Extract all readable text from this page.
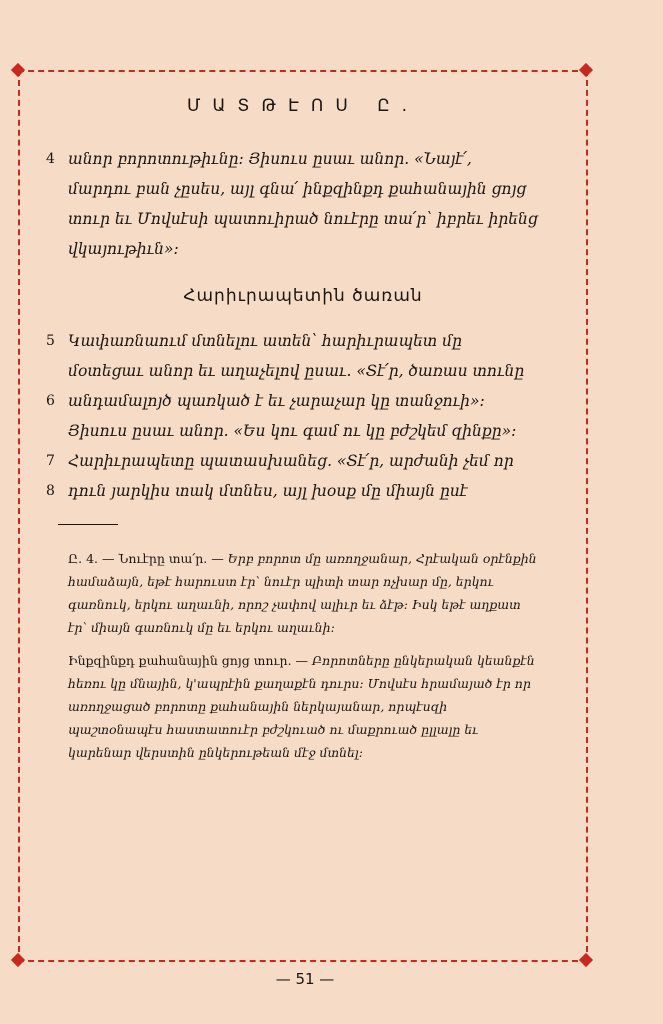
ՄԱՏԹԷՈՍ Ը.

4 անոր բորոտութիւնը: Յիսուս ըսաւ անոր. «Նայէ՛, մարդու բան չըսես, այլ գնա՛ ինքզինքդ քահանային ցոյց տուր եւ Մովսէսի պատուիրած նուէրը տա՛ր՝ իբրեւ իրենց վկայութիւն»:

Հարիւրապետին ծառան

5 Կափառնաում մտնելու ատեն՝ հարիւրապետ մը մօտեցաւ անոր եւ աղաչելով
6
ըսաւ. «Տէ՛ր, ծառաս տունը անդամալոյծ պառկած է եւ չարաչար կը տանջուի»:
7
Յիսուս ըսաւ անոր. «Ես կու գամ ու կը
8
բժշկեմ զինքը»: Հարիւրապետը պատասխանեց. «Տէ՛ր, արժանի չեմ որ դուն յարկիս տակ մտնես, այլ խօսք մը միայն ըսէ

Ը. 4. — Նուէրը տա՛ր. — Երբ բորոտ մը առողջանար, Հրէական օրէնքին համաձայն, եթէ հարուստ էր՝ նուէր պիտի տար ոչխար մը, երկու գառնուկ, երկու աղաւնի, որոշ չափով ալիւր եւ ձէթ: Իսկ եթէ աղքատ էր՝ միայն գառնուկ մը եւ երկու աղաւնի:

Ինքզինքդ քահանային ցոյց տուր. — Բորոտները ընկերական կեանքէն հեռու կը մնային, կ'ապրէին քաղաքէն դուրս: Մովսէս հրամայած էր որ առողջացած բորոտը քահանային ներկայանար, որպէսզի պաշտօնապէս հաստատուէր բժշկուած ու մաքրուած ըլլալը եւ կարենար վերստին ընկերութեան մէջ մտնել:

— 51 —
